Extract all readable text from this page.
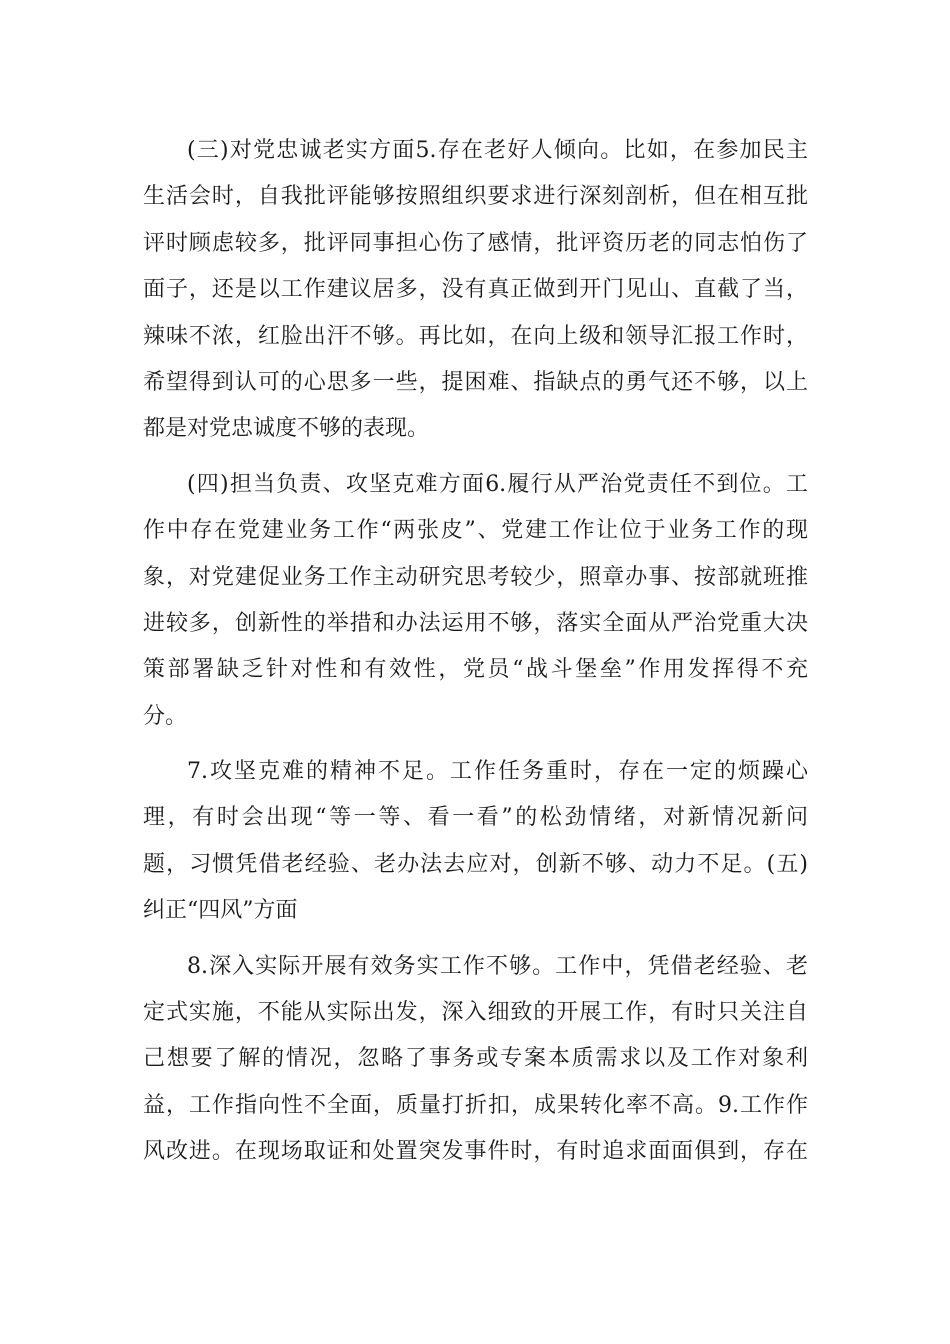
(三)对党忠诚老实方面5.存在老好人倾向。比如，在参加民主
生活会时，自我批评能够按照组织要求进行深刻剖析，但在相互批
评时顾虑较多，批评同事担心伤了感情，批评资历老的同志怕伤了
面子，还是以工作建议居多，没有真正做到开门见山、直截了当，
辣味不浓，红脸出汗不够。再比如，在向上级和领导汇报工作时，
希望得到认可的心思多一些，提困难、指缺点的勇气还不够，以上
都是对党忠诚度不够的表现。
(四)担当负责、攻坚克难方面6.履行从严治党责任不到位。工
作中存在党建业务工作“两张皮”、党建工作让位于业务工作的现
象，对党建促业务工作主动研究思考较少，照章办事、按部就班推
进较多，创新性的举措和办法运用不够，落实全面从严治党重大决
策部署缺乏针对性和有效性，党员“战斗堡垒”作用发挥得不充
分。
7.攻坚克难的精神不足。工作任务重时，存在一定的烦躁心
理，有时会出现“等一等、看一看”的松劲情绪，对新情况新问
题，习惯凭借老经验、老办法去应对，创新不够、动力不足。(五)
纠正“四风”方面
8.深入实际开展有效务实工作不够。工作中，凭借老经验、老
定式实施，不能从实际出发，深入细致的开展工作，有时只关注自
己想要了解的情况，忽略了事务或专案本质需求以及工作对象利
益，工作指向性不全面，质量打折扣，成果转化率不高。9.工作作
风改进。在现场取证和处置突发事件时，有时追求面面俱到，存在
